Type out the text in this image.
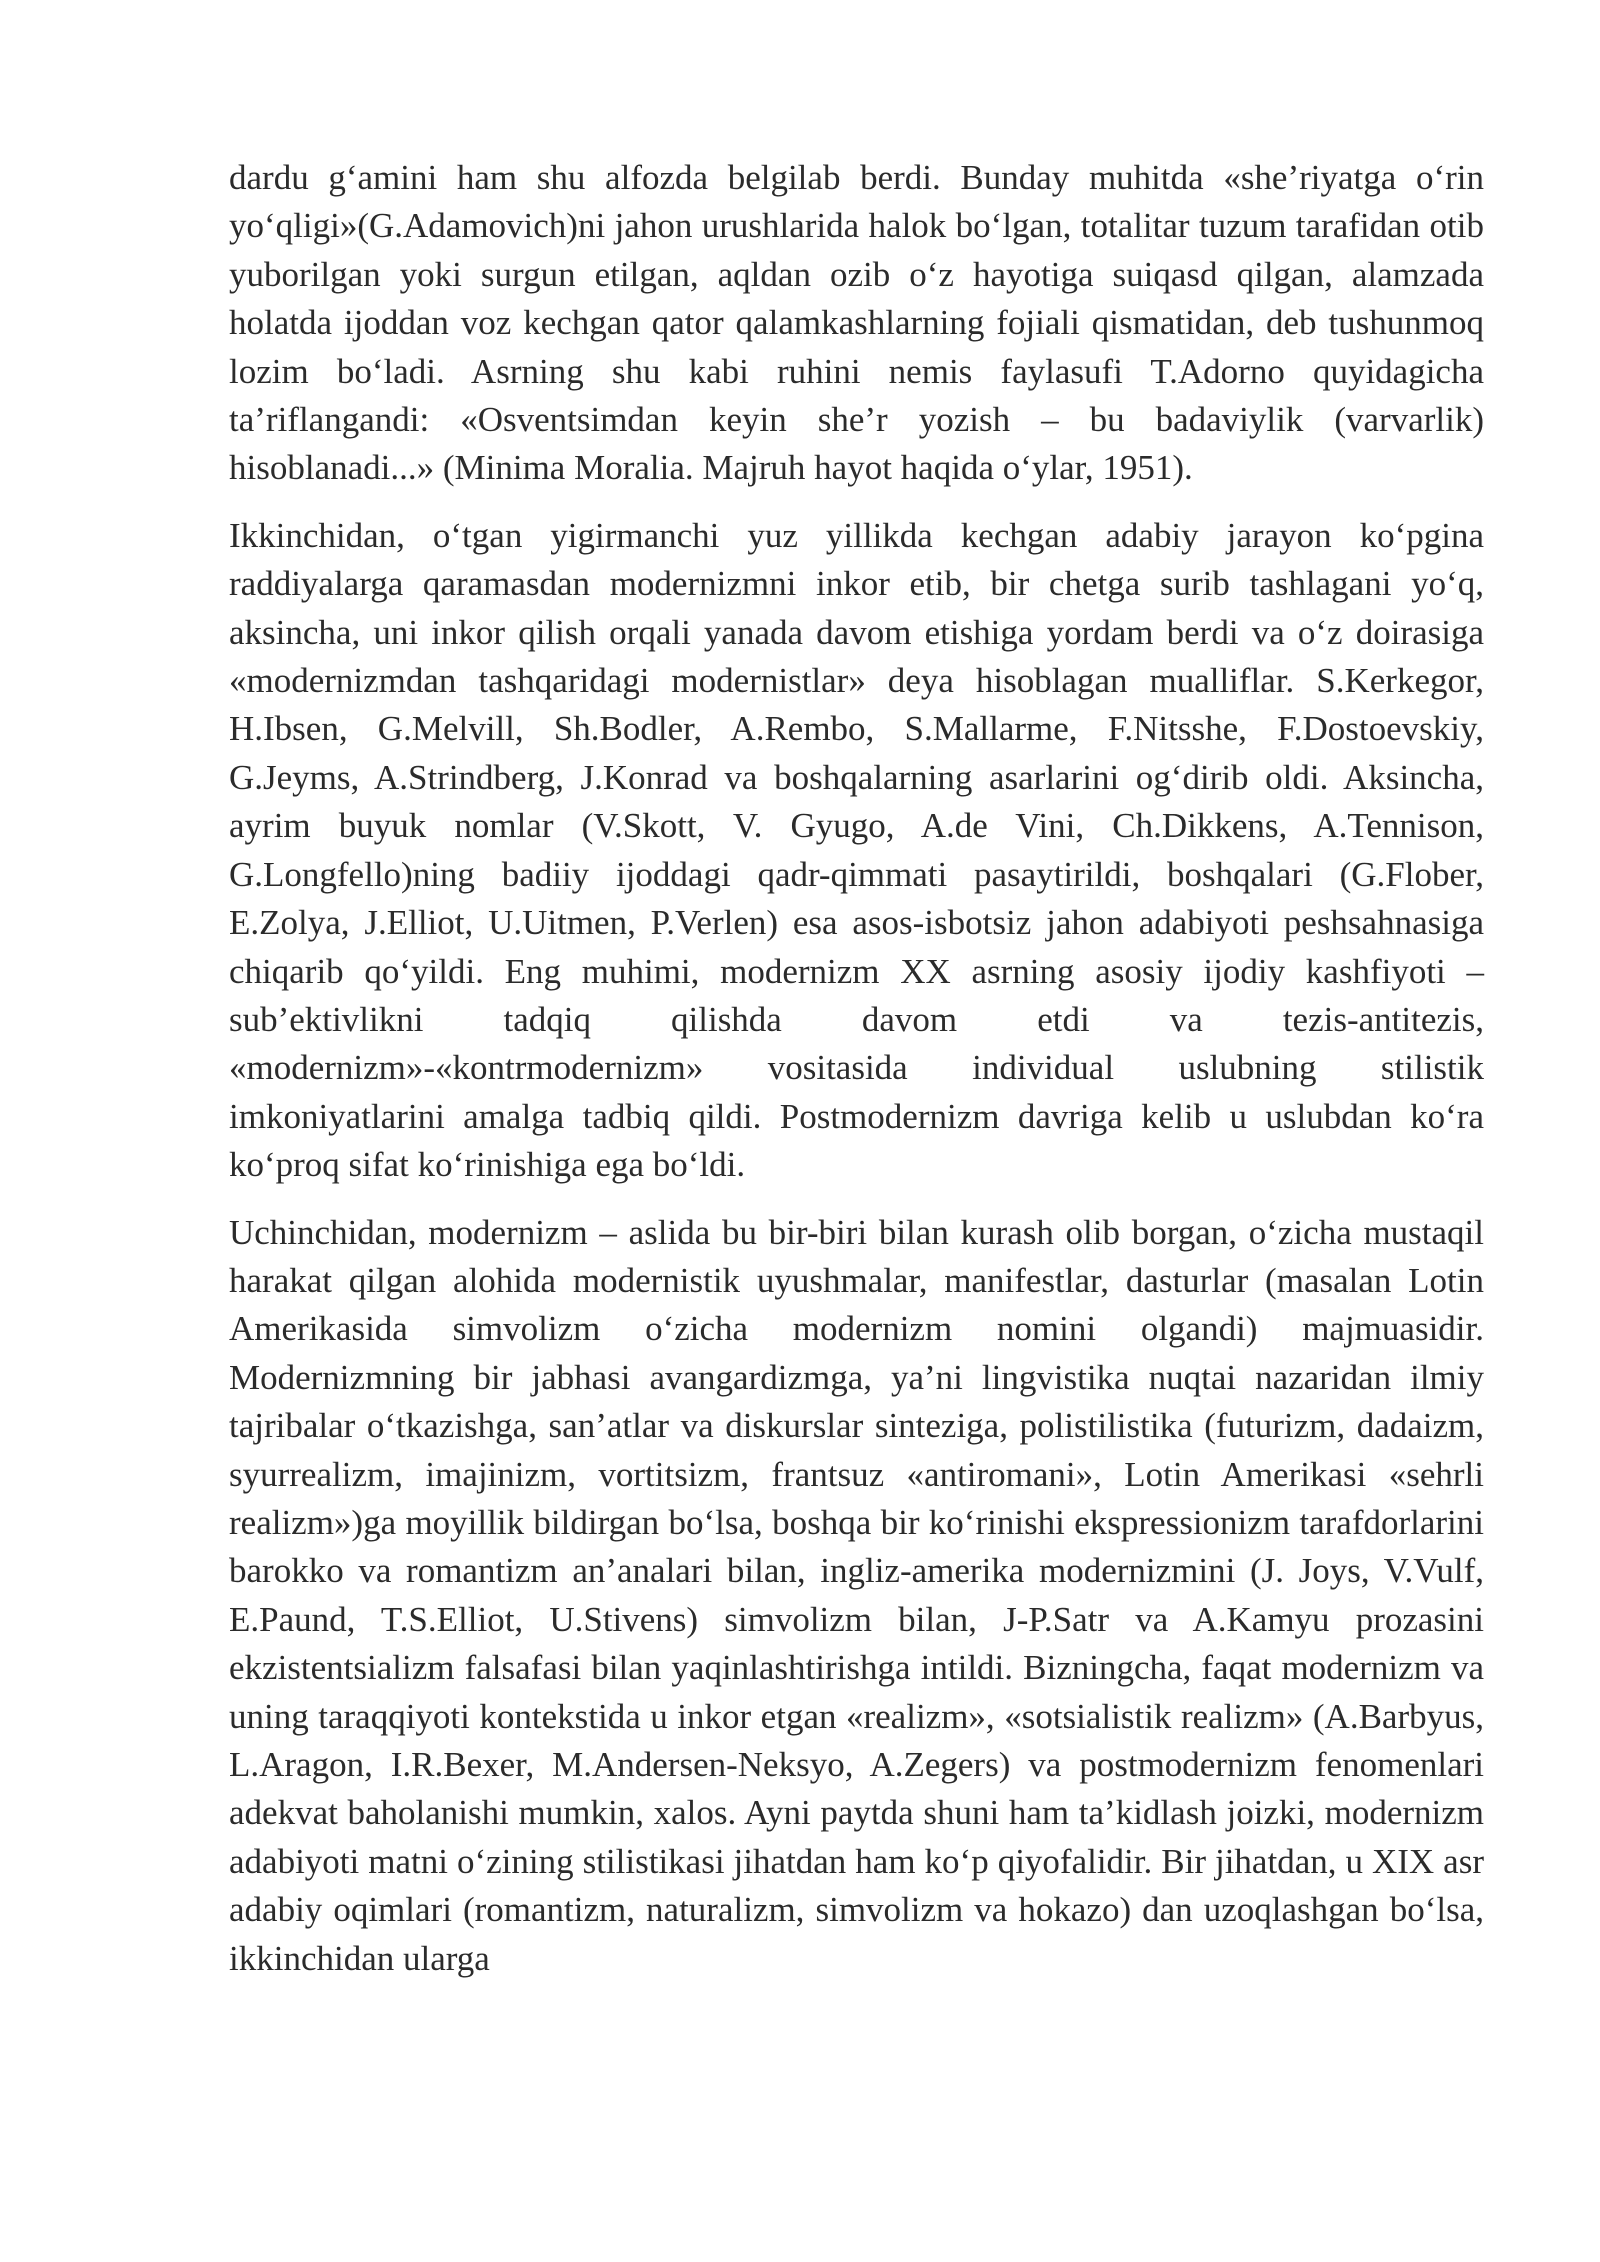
dardu g‘amini ham shu alfozda belgilab berdi. Bunday muhitda «she’riyatga o‘rin yo‘qligi»(G.Adamovich)ni jahon urushlarida halok bo‘lgan, totalitar tuzum tarafidan otib yuborilgan yoki surgun etilgan, aqldan ozib o‘z hayotiga suiqasd qilgan, alamzada holatda ijoddan voz kechgan qator qalamkashlarning fojiali qismatidan, deb tushunmoq lozim bo‘ladi. Asrning shu kabi ruhini nemis faylasufi T.Adorno quyidagicha ta’riflangandi: «Osventsimdan keyin she’r yozish – bu badaviylik (varvarlik) hisoblanadi...» (Minima Moralia. Majruh hayot haqida o‘ylar, 1951).

Ikkinchidan, o‘tgan yigirmanchi yuz yillikda kechgan adabiy jarayon ko‘pgina raddiyalarga qaramasdan modernizmni inkor etib, bir chetga surib tashlagani yo‘q, aksincha, uni inkor qilish orqali yanada davom etishiga yordam berdi va o‘z doirasiga «modernizmdan tashqaridagi modernistlar» deya hisoblagan mualliflar. S.Kerkegor, H.Ibsen, G.Melvill, Sh.Bodler, A.Rembo, S.Mallarme, F.Nitsshe, F.Dostoevskiy, G.Jeyms, A.Strindberg, J.Konrad va boshqalarning asarlarini og‘dirib oldi. Aksincha, ayrim buyuk nomlar (V.Skott, V. Gyugo, A.de Vini, Ch.Dikkens, A.Tennison, G.Longfello)ning badiiy ijoddagi qadr-qimmati pasaytirildi, boshqalari (G.Flober, E.Zolya, J.Elliot, U.Uitmen, P.Verlen) esa asos-isbotsiz jahon adabiyoti peshsahnasiga chiqarib qo‘yildi. Eng muhimi, modernizm XX asrning asosiy ijodiy kashfiyoti – sub’ektivlikni tadqiq qilishda davom etdi va tezis-antitezis, «modernizm»-«kontrmodernizm» vositasida individual uslubning stilistik imkoniyatlarini amalga tadbiq qildi. Postmodernizm davriga kelib u uslubdan ko‘ra ko‘proq sifat ko‘rinishiga ega bo‘ldi.

Uchinchidan, modernizm – aslida bu bir-biri bilan kurash olib borgan, o‘zicha mustaqil harakat qilgan alohida modernistik uyushmalar, manifestlar, dasturlar (masalan Lotin Amerikasida simvolizm o‘zicha modernizm nomini olgandi) majmuasidir. Modernizmning bir jabhasi avangardizmga, ya’ni lingvistika nuqtai nazaridan ilmiy tajribalar o‘tkazishga, san’atlar va diskurslar sinteziga, polistilistika (futurizm, dadaizm, syurrealizm, imajinizm, vortitsizm, frantsuz «antiromani», Lotin Amerikasi «sehrli realizm»)ga moyillik bildirgan bo‘lsa, boshqa bir ko‘rinishi ekspressionizm tarafdorlarini barokko va romantizm an’analari bilan, ingliz-amerika modernizmini (J. Joys, V.Vulf, E.Paund, T.S.Elliot, U.Stivens) simvolizm bilan, J-P.Satr va A.Kamyu prozasini ekzistentsializm falsafasi bilan yaqinlashtirishga intildi. Bizningcha, faqat modernizm va uning taraqqiyoti kontekstida u inkor etgan «realizm», «sotsialistik realizm» (A.Barbyus, L.Aragon, I.R.Bexer, M.Andersen-Neksyo, A.Zegers) va postmodernizm fenomenlari adekvat baholanishi mumkin, xalos. Ayni paytda shuni ham ta’kidlash joizki, modernizm adabiyoti matni o‘zining stilistikasi jihatdan ham ko‘p qiyofalidir. Bir jihatdan, u XIX asr adabiy oqimlari (romantizm, naturalizm, simvolizm va hokazo) dan uzoqlashgan bo‘lsa, ikkinchidan ularga
